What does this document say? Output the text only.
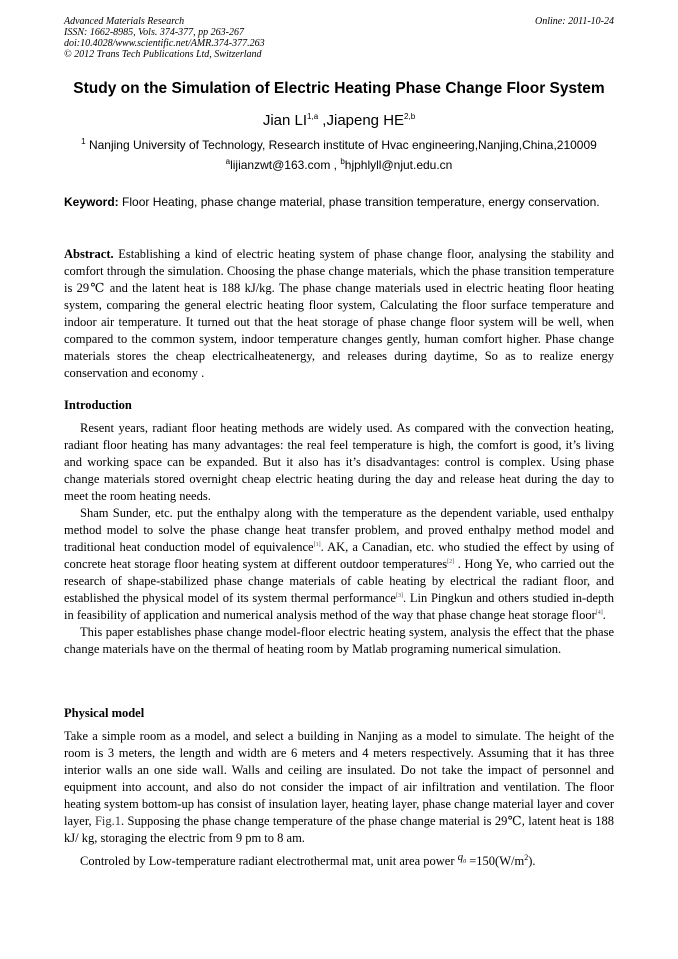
Advanced Materials Research
ISSN: 1662-8985, Vols. 374-377, pp 263-267
doi:10.4028/www.scientific.net/AMR.374-377.263
© 2012 Trans Tech Publications Ltd, Switzerland
Online: 2011-10-24
Study on the Simulation of Electric Heating Phase Change Floor System
Jian LI$^{1,a}$ ,Jiapeng HE$^{2,b}$
$^1$ Nanjing University of Technology, Research institute of Hvac engineering,Nanjing,China,210009
$^a$lijianzwt@163.com , $^b$hjphlyll@njut.edu.cn
Keyword: Floor Heating, phase change material, phase transition temperature, energy conservation.

Abstract. Establishing a kind of electric heating system of phase change floor, analysing the stability and comfort through the simulation. Choosing the phase change materials, which the phase transition temperature is 29℃ and the latent heat is 188 kJ/kg. The phase change materials used in electric heating floor heating system, comparing the general electric heating floor system, Calculating the floor surface temperature and indoor air temperature. It turned out that the heat storage of phase change floor system will be well, when compared to the common system, indoor temperature changes gently, human comfort higher. Phase change materials stores the cheap electricalheatenergy, and releases during daytime, So as to realize energy conservation and economy .

Introduction

Resent years, radiant floor heating methods are widely used. As compared with the convection heating, radiant floor heating has many advantages: the real feel temperature is high, the comfort is good, it’s living and working space can be expanded. But it also has it’s disadvantages: control is complex. Using phase change materials stored overnight cheap electric heating during the day and release heat during the day to meet the room heating needs.

Sham Sunder, etc. put the enthalpy along with the temperature as the dependent variable, used enthalpy method model to solve the phase change heat transfer problem, and proved enthalpy method model and traditional heat conduction model of equivalence[1]. AK, a Canadian, etc. who studied the effect by using of concrete heat storage floor heating system at different outdoor temperatures[2] . Hong Ye, who carried out the research of shape-stabilized phase change materials of cable heating by electrical the radiant floor, and established the physical model of its system thermal performance[3]. Lin Pingkun and others studied in-depth in feasibility of application and numerical analysis method of the way that phase change heat storage floor[4].

This paper establishes phase change model-floor electric heating system, analysis the effect that the phase change materials have on the thermal of heating room by Matlab programing numerical simulation.

Physical model

Take a simple room as a model, and select a building in Nanjing as a model to simulate. The height of the room is 3 meters, the length and width are 6 meters and 4 meters respectively. Assuming that it has three interior walls an one side wall. Walls and ceiling are insulated. Do not take the impact of personnel and equipment into account, and also do not consider the impact of air infiltration and ventilation. The floor heating system bottom-up has consist of insulation layer, heating layer, phase change material layer and cover layer, Fig.1. Supposing the phase change temperature of the phase change material is 29℃, latent heat is 188 kJ/ kg, storaging the electric from 9 pm to 8 am.

Controled by Low-temperature radiant electrothermal mat, unit area power $q_0 =150(W/m^2)$.
